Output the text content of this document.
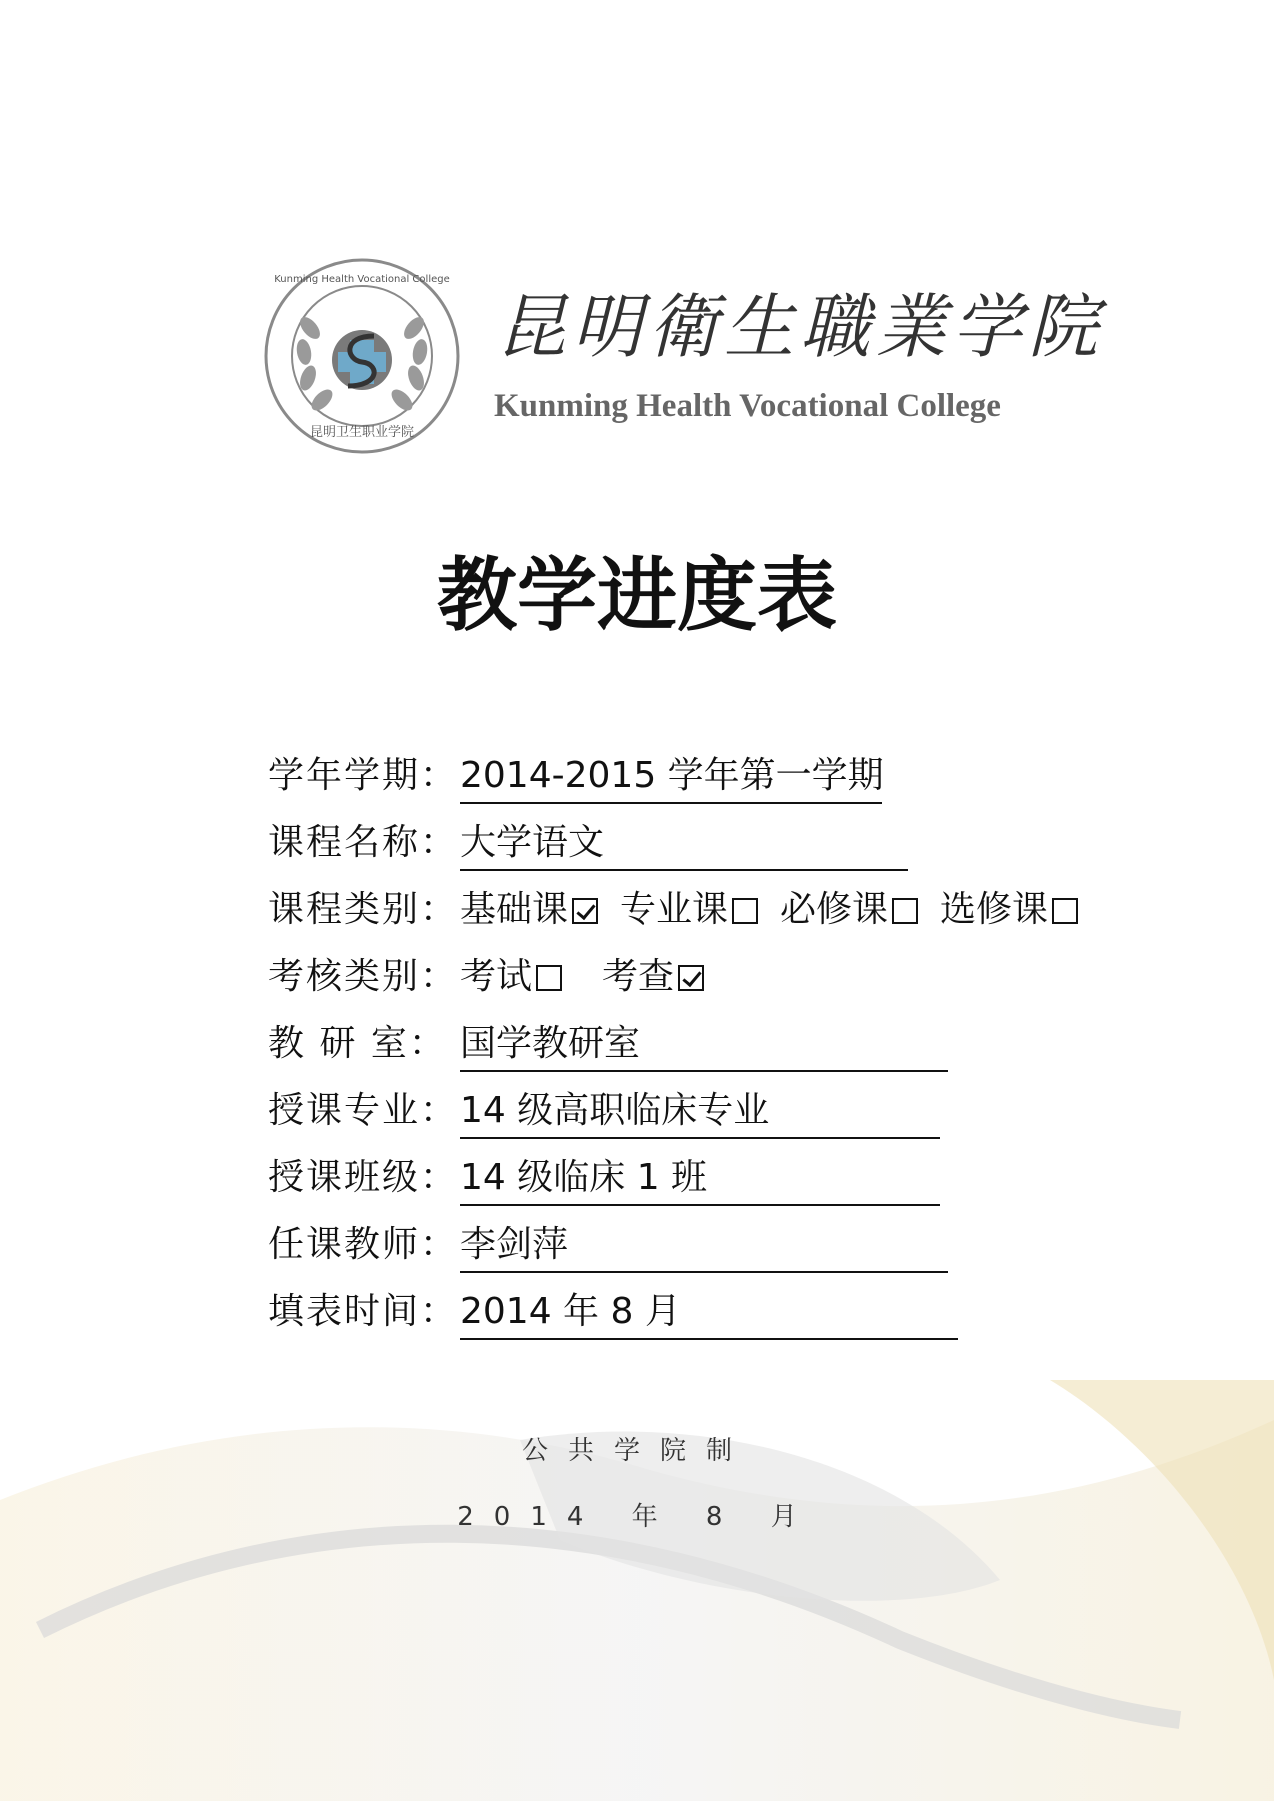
昆明卫生职业学院
Kunming Health Vocational College
昆明衛生職業学院
Kunming Health Vocational College
教学进度表
学年学期： 2014-2015 学年第一学期
课程名称： 大学语文
课程类别： 基础课 专业课 必修课 选修课
考核类别： 考试 考查
教 研 室： 国学教研室
授课专业： 14 级高职临床专业
授课班级： 14 级临床 1 班
任课教师： 李剑萍
填表时间： 2014 年 8 月
公共学院制
2014 年 8 月
